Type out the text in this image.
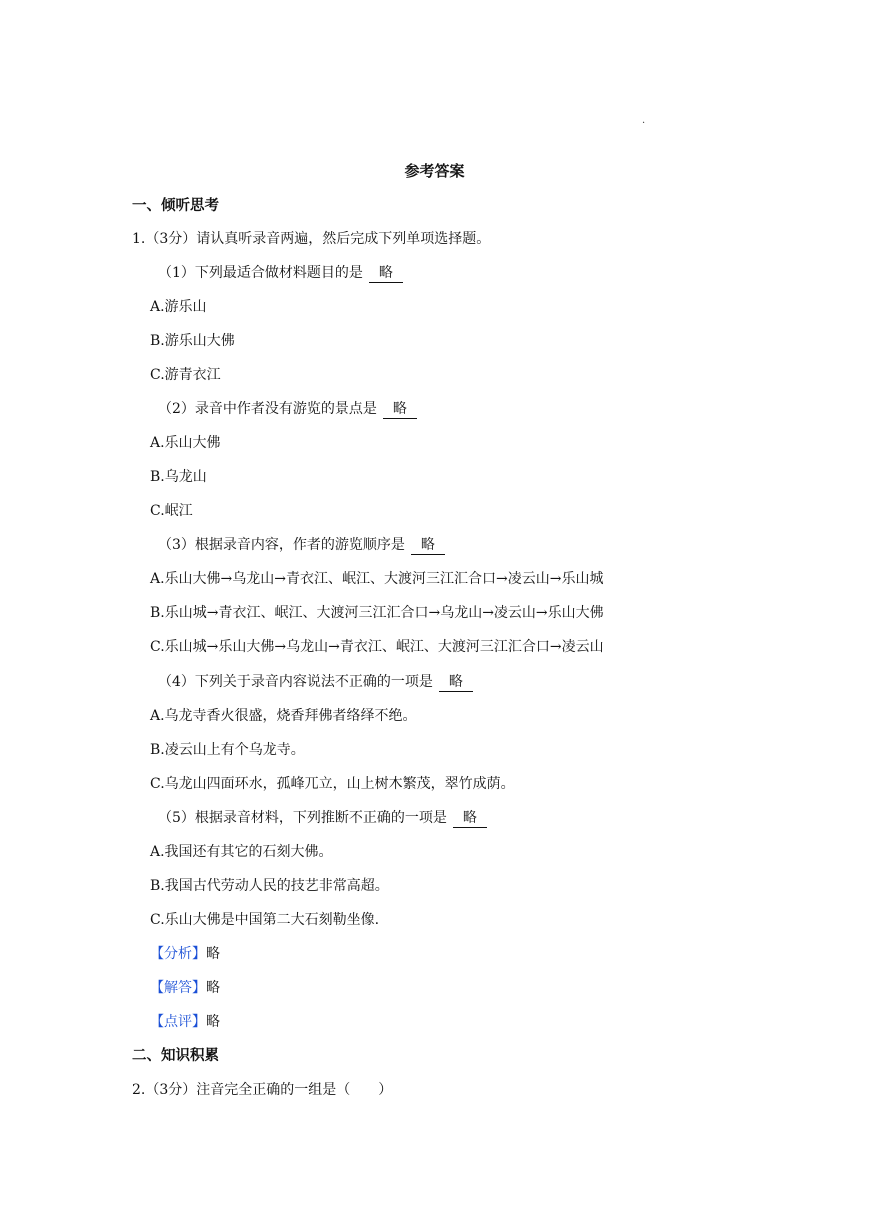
·
参考答案
一、倾听思考
1.（3分）请认真听录音两遍，然后完成下列单项选择题。
（1）下列最适合做材料题目的是 略
A.游乐山
B.游乐山大佛
C.游青衣江
（2）录音中作者没有游览的景点是 略
A.乐山大佛
B.乌龙山
C.岷江
（3）根据录音内容，作者的游览顺序是 略
A.乐山大佛→乌龙山→青衣江、岷江、大渡河三江汇合口→凌云山→乐山城
B.乐山城→青衣江、岷江、大渡河三江汇合口→乌龙山→凌云山→乐山大佛
C.乐山城→乐山大佛→乌龙山→青衣江、岷江、大渡河三江汇合口→凌云山
（4）下列关于录音内容说法不正确的一项是 略
A.乌龙寺香火很盛，烧香拜佛者络绎不绝。
B.凌云山上有个乌龙寺。
C.乌龙山四面环水，孤峰兀立，山上树木繁茂，翠竹成荫。
（5）根据录音材料，下列推断不正确的一项是 略
A.我国还有其它的石刻大佛。
B.我国古代劳动人民的技艺非常高超。
C.乐山大佛是中国第二大石刻勒坐像.
【分析】略
【解答】略
【点评】略
二、知识积累
2.（3分）注音完全正确的一组是（　　）
